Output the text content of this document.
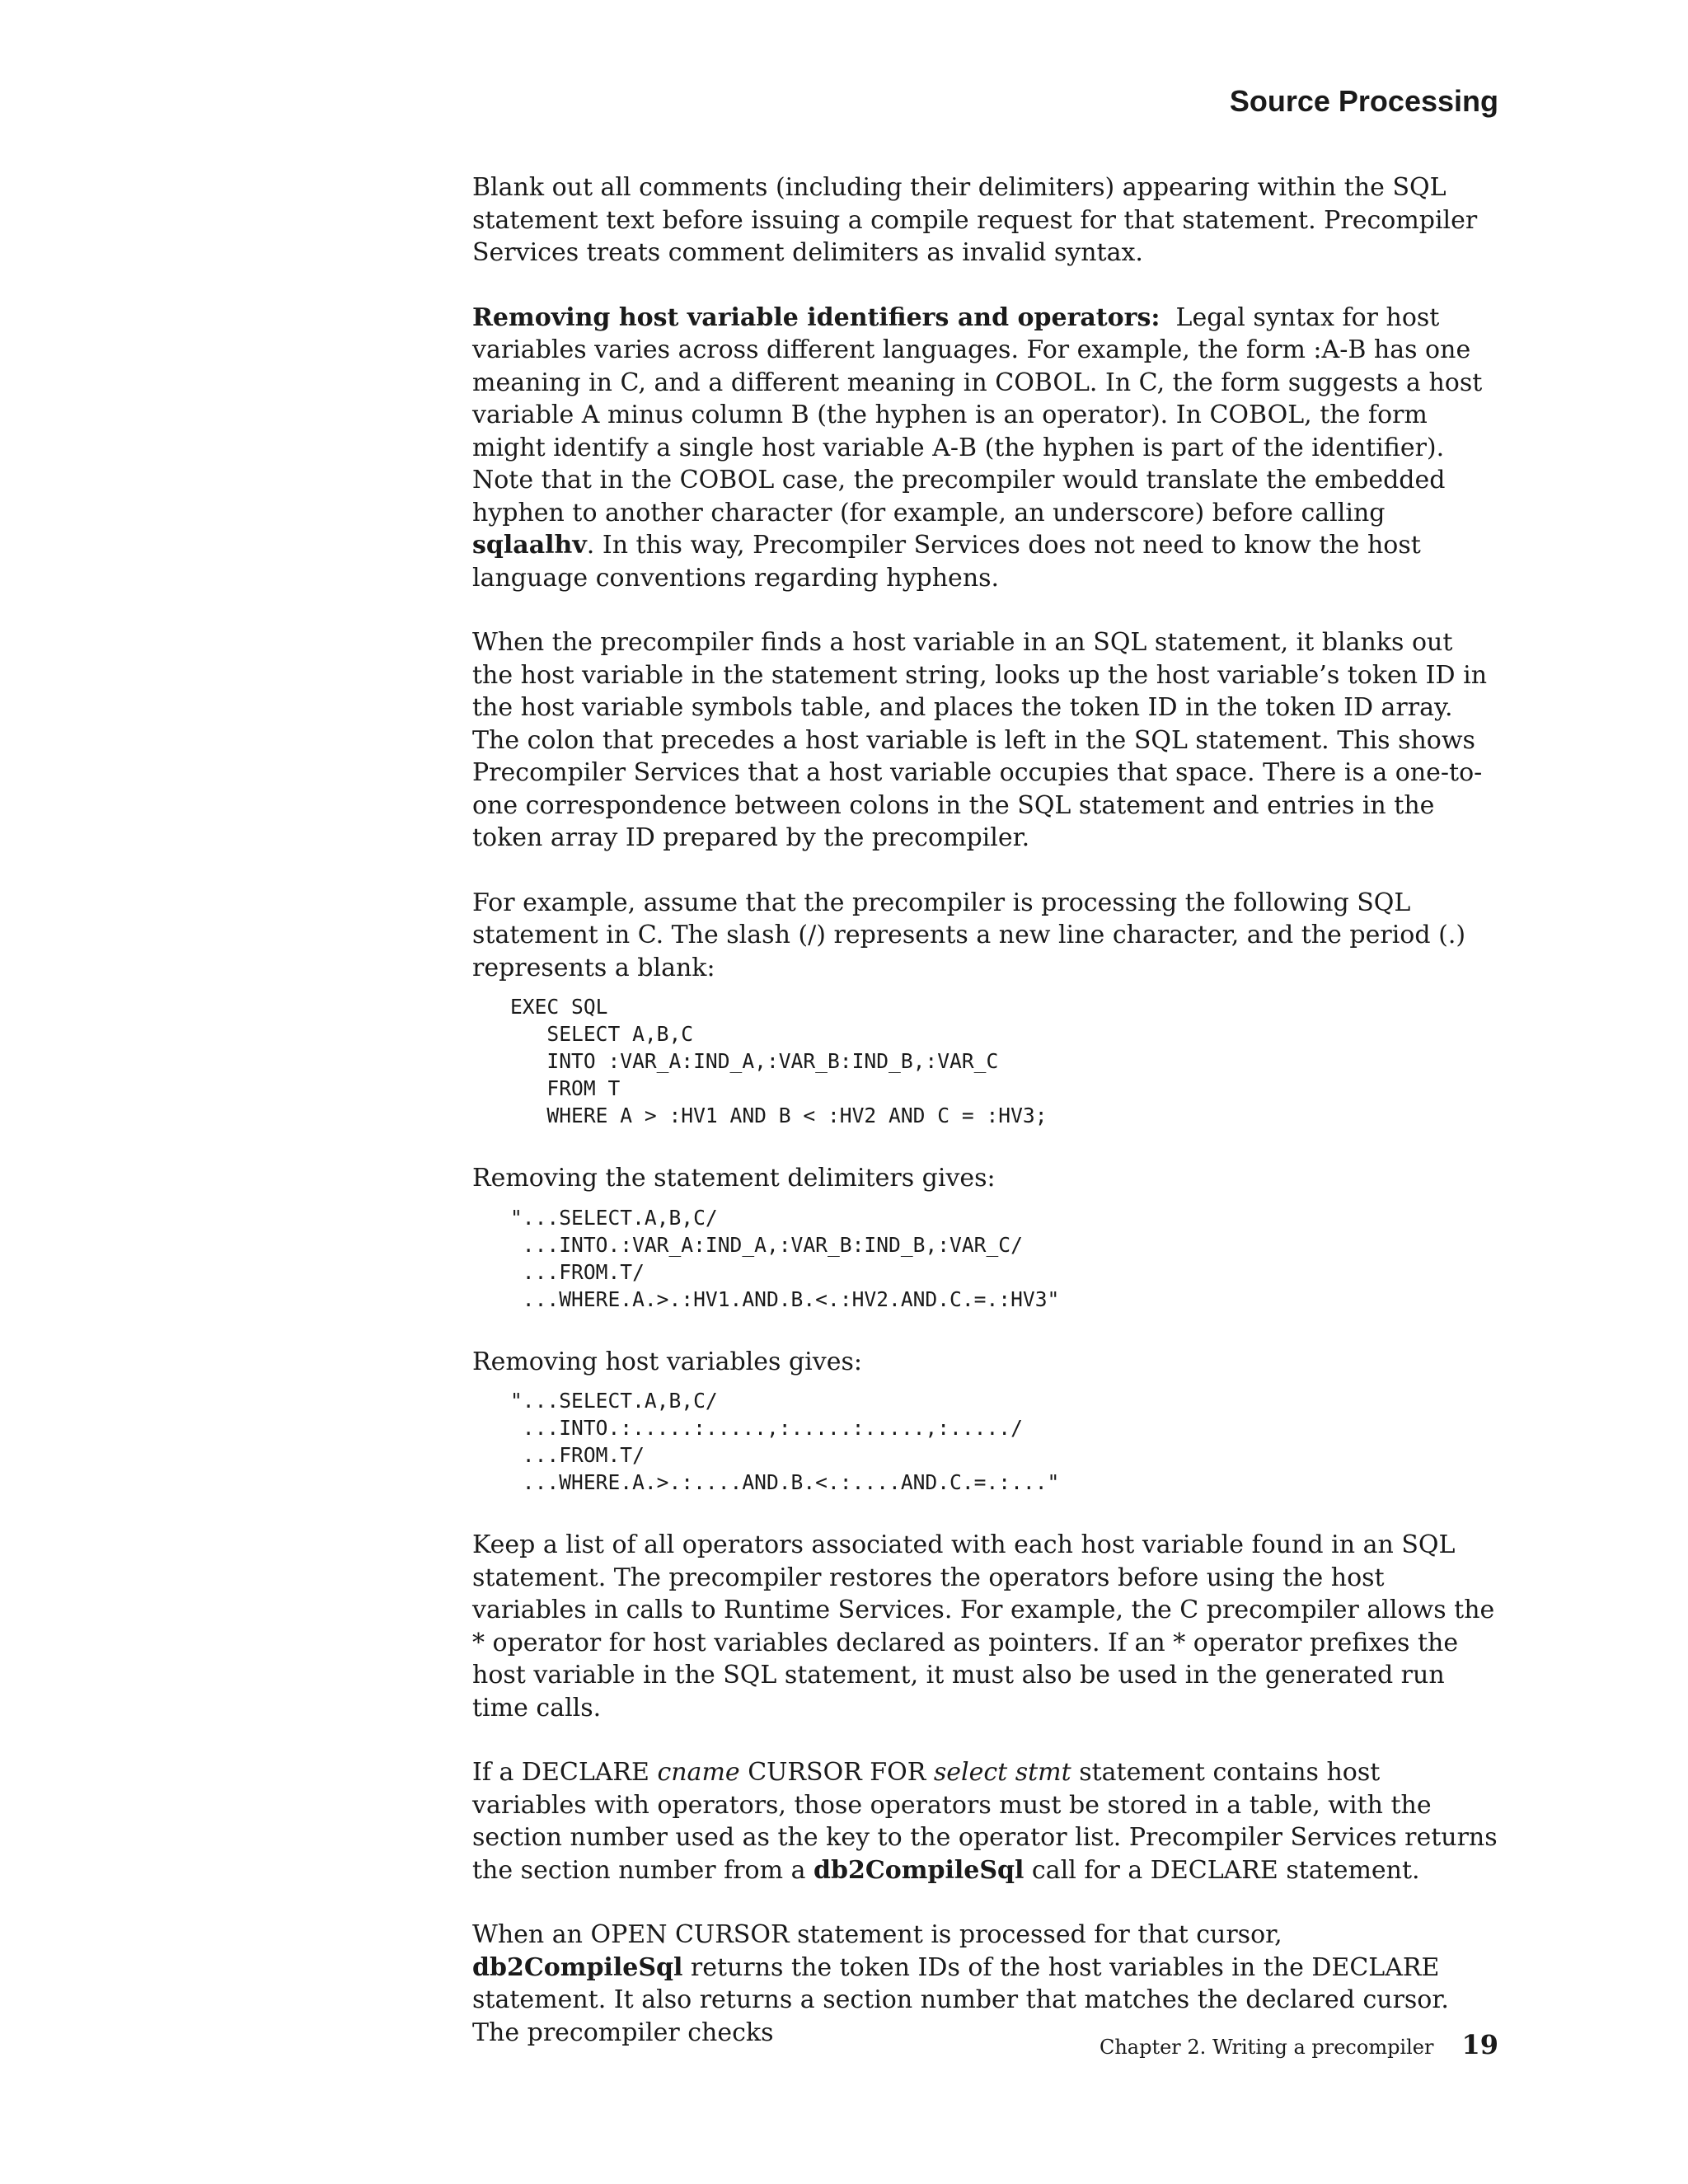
Source Processing

Blank out all comments (including their delimiters) appearing within the SQL statement text before issuing a compile request for that statement. Precompiler Services treats comment delimiters as invalid syntax.

Removing host variable identifiers and operators: Legal syntax for host variables varies across different languages. For example, the form :A-B has one meaning in C, and a different meaning in COBOL. In C, the form suggests a host variable A minus column B (the hyphen is an operator). In COBOL, the form might identify a single host variable A-B (the hyphen is part of the identifier). Note that in the COBOL case, the precompiler would translate the embedded hyphen to another character (for example, an underscore) before calling sqlaalhv. In this way, Precompiler Services does not need to know the host language conventions regarding hyphens.

When the precompiler finds a host variable in an SQL statement, it blanks out the host variable in the statement string, looks up the host variable’s token ID in the host variable symbols table, and places the token ID in the token ID array. The colon that precedes a host variable is left in the SQL statement. This shows Precompiler Services that a host variable occupies that space. There is a one-to-one correspondence between colons in the SQL statement and entries in the token array ID prepared by the precompiler.

For example, assume that the precompiler is processing the following SQL statement in C. The slash (/) represents a new line character, and the period (.) represents a blank:

EXEC SQL
SELECT A,B,C
INTO :VAR_A:IND_A,:VAR_B:IND_B,:VAR_C
FROM T
WHERE A > :HV1 AND B < :HV2 AND C = :HV3;

Removing the statement delimiters gives:

"...SELECT.A,B,C/
...INTO.:VAR_A:IND_A,:VAR_B:IND_B,:VAR_C/
...FROM.T/
...WHERE.A.>.:HV1.AND.B.<.:HV2.AND.C.=.:HV3"

Removing host variables gives:

"...SELECT.A,B,C/
...INTO.:.....:.....,:.....:.....,:...../
...FROM.T/
...WHERE.A.>.:....AND.B.<.:....AND.C.=.:..."

Keep a list of all operators associated with each host variable found in an SQL statement. The precompiler restores the operators before using the host variables in calls to Runtime Services. For example, the C precompiler allows the * operator for host variables declared as pointers. If an * operator prefixes the host variable in the SQL statement, it must also be used in the generated run time calls.

If a DECLARE cname CURSOR FOR select stmt statement contains host variables with operators, those operators must be stored in a table, with the section number used as the key to the operator list. Precompiler Services returns the section number from a db2CompileSql call for a DECLARE statement.

When an OPEN CURSOR statement is processed for that cursor, db2CompileSql returns the token IDs of the host variables in the DECLARE statement. It also returns a section number that matches the declared cursor. The precompiler checks

Chapter 2. Writing a precompiler 19
